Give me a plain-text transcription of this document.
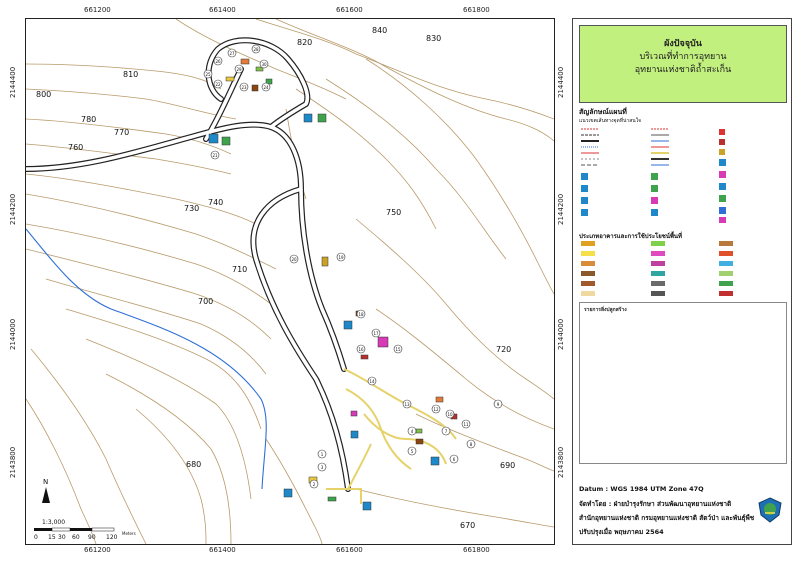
1
2
3
4
5
6
7
8
9
10
11
12
13
14
15
16
17
18
19
20
21
22
23	24
25
26
27
28
29
30
840
830
820
810
800
780
770
760
750
740
730
720
710
700
690
680
670
N
1:3,000
0 15 30 60 90 120
Meters
661200	661400	661600	661800
661200	661400	661600	661800
2144400
2144200
2144000
2143800
2144400
2144200
2144000
2143800
ผังปัจจุบัน
บริเวณที่ทำการอุทยาน
อุทยานแห่งชาติถ้ำสะเก็น
สัญลักษณ์แผนที่
แนวเขตเส้นทางจุดที่น่าสนใจ
ประเภทอาคารและการใช้ประโยชน์พื้นที่
รายการสิ่งปลูกสร้าง
Datum : WGS 1984 UTM Zone 47Q
จัดทำโดย : ฝ่ายบำรุงรักษา ส่วนพัฒนาอุทยานแห่งชาติ
สำนักอุทยานแห่งชาติ กรมอุทยานแห่งชาติ สัตว์ป่า และพันธุ์พืช
ปรับปรุงเมื่อ พฤษภาคม 2564
